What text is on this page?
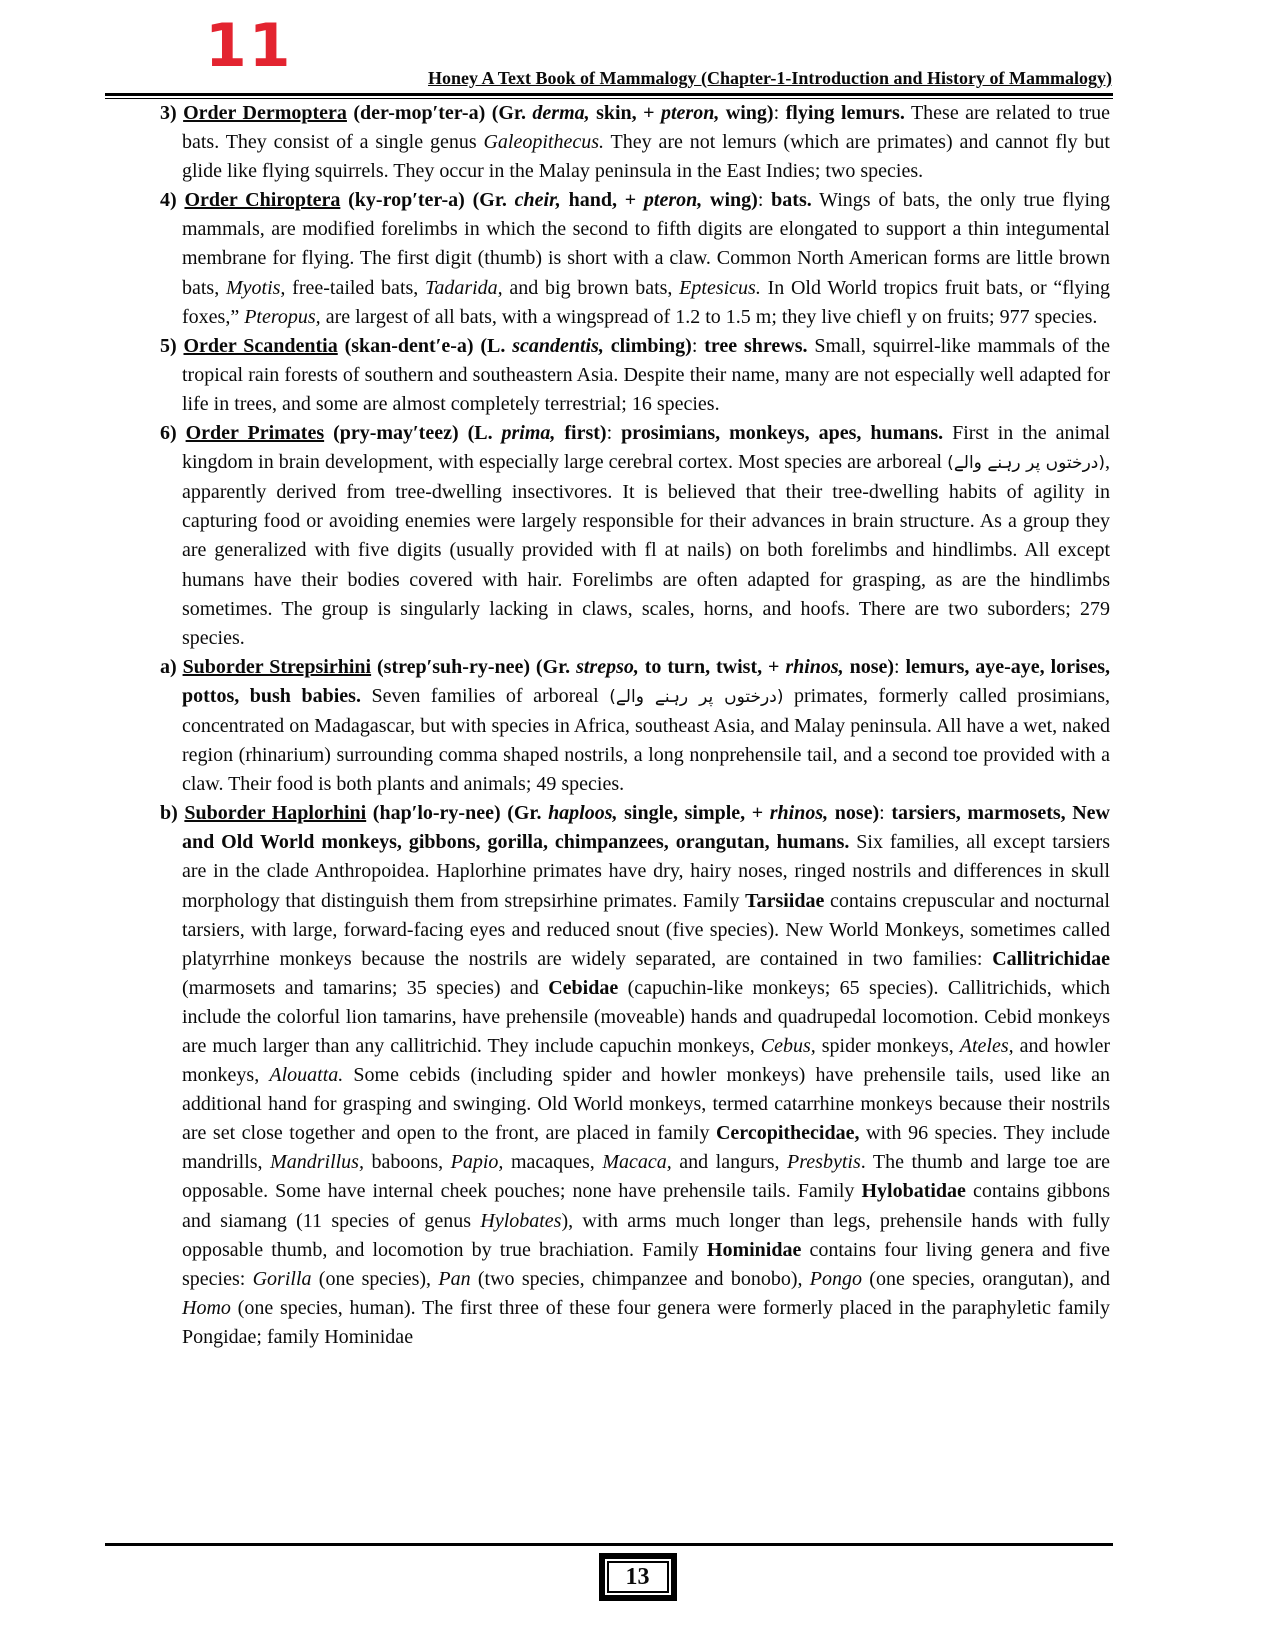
11	Honey A Text Book of Mammalogy (Chapter-1-Introduction and History of Mammalogy)

3) Order Dermoptera (der-mop′ter-a) (Gr. derma, skin, + pteron, wing): flying lemurs. These are related to true bats. They consist of a single genus Galeopithecus. They are not lemurs (which are primates) and cannot fly but glide like flying squirrels. They occur in the Malay peninsula in the East Indies; two species.

4) Order Chiroptera (ky-rop′ter-a) (Gr. cheir, hand, + pteron, wing): bats. Wings of bats, the only true flying mammals, are modified forelimbs in which the second to fifth digits are elongated to support a thin integumental membrane for flying. The first digit (thumb) is short with a claw. Common North American forms are little brown bats, Myotis, free-tailed bats, Tadarida, and big brown bats, Eptesicus. In Old World tropics fruit bats, or “flying foxes,” Pteropus, are largest of all bats, with a wingspread of 1.2 to 1.5 m; they live chiefl y on fruits; 977 species.

5) Order Scandentia (skan-dent′e-a) (L. scandentis, climbing): tree shrews. Small, squirrel-like mammals of the tropical rain forests of southern and southeastern Asia. Despite their name, many are not especially well adapted for life in trees, and some are almost completely terrestrial; 16 species.

6) Order Primates (pry-may′teez) (L. prima, first): prosimians, monkeys, apes, humans. First in the animal kingdom in brain development, with especially large cerebral cortex. Most species are arboreal (درختوں پر رہنے والے), apparently derived from tree-dwelling insectivores. It is believed that their tree-dwelling habits of agility in capturing food or avoiding enemies were largely responsible for their advances in brain structure. As a group they are generalized with five digits (usually provided with fl at nails) on both forelimbs and hindlimbs. All except humans have their bodies covered with hair. Forelimbs are often adapted for grasping, as are the hindlimbs sometimes. The group is singularly lacking in claws, scales, horns, and hoofs. There are two suborders; 279 species.

a) Suborder Strepsirhini (strep′suh-ry-nee) (Gr. strepso, to turn, twist, + rhinos, nose): lemurs, aye-aye, lorises, pottos, bush babies. Seven families of arboreal (درختوں پر رہنے والے) primates, formerly called prosimians, concentrated on Madagascar, but with species in Africa, southeast Asia, and Malay peninsula. All have a wet, naked region (rhinarium) surrounding comma shaped nostrils, a long nonprehensile tail, and a second toe provided with a claw. Their food is both plants and animals; 49 species.

b) Suborder Haplorhini (hap′lo-ry-nee) (Gr. haploos, single, simple, + rhinos, nose): tarsiers, marmosets, New and Old World monkeys, gibbons, gorilla, chimpanzees, orangutan, humans. Six families, all except tarsiers are in the clade Anthropoidea. Haplorhine primates have dry, hairy noses, ringed nostrils and differences in skull morphology that distinguish them from strepsirhine primates. Family Tarsiidae contains crepuscular and nocturnal tarsiers, with large, forward-facing eyes and reduced snout (five species). New World Monkeys, sometimes called platyrrhine monkeys because the nostrils are widely separated, are contained in two families: Callitrichidae (marmosets and tamarins; 35 species) and Cebidae (capuchin-like monkeys; 65 species). Callitrichids, which include the colorful lion tamarins, have prehensile (moveable) hands and quadrupedal locomotion. Cebid monkeys are much larger than any callitrichid. They include capuchin monkeys, Cebus, spider monkeys, Ateles, and howler monkeys, Alouatta. Some cebids (including spider and howler monkeys) have prehensile tails, used like an additional hand for grasping and swinging. Old World monkeys, termed catarrhine monkeys because their nostrils are set close together and open to the front, are placed in family Cercopithecidae, with 96 species. They include mandrills, Mandrillus, baboons, Papio, macaques, Macaca, and langurs, Presbytis. The thumb and large toe are opposable. Some have internal cheek pouches; none have prehensile tails. Family Hylobatidae contains gibbons and siamang (11 species of genus Hylobates), with arms much longer than legs, prehensile hands with fully opposable thumb, and locomotion by true brachiation. Family Hominidae contains four living genera and five species: Gorilla (one species), Pan (two species, chimpanzee and bonobo), Pongo (one species, orangutan), and Homo (one species, human). The first three of these four genera were formerly placed in the paraphyletic family Pongidae; family Hominidae

13
